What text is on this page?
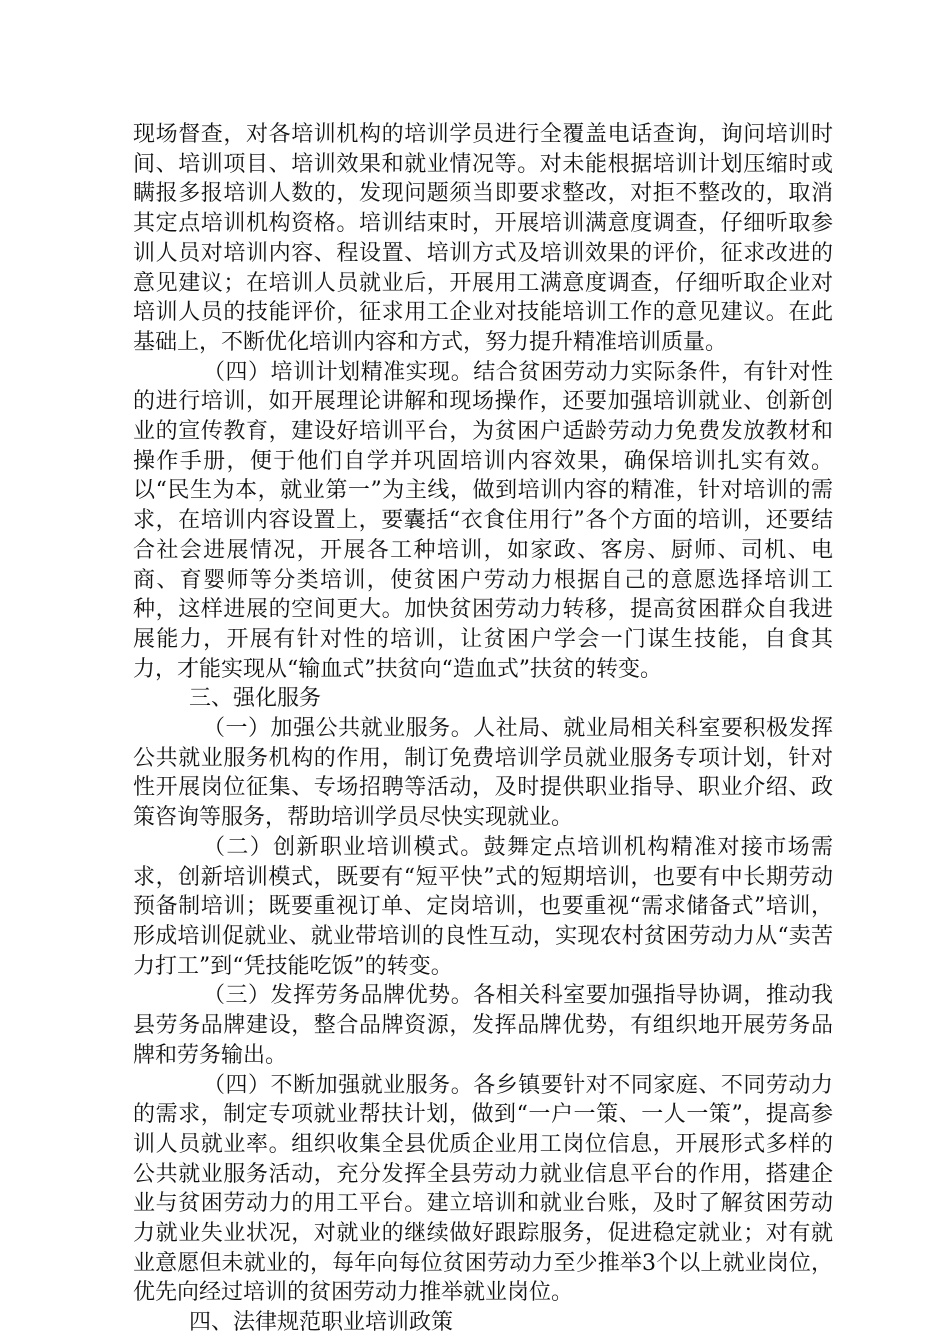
现场督查，对各培训机构的培训学员进行全覆盖电话查询，询问培训时间、培训项目、培训效果和就业情况等。对未能根据培训计划压缩时或瞒报多报培训人数的，发现问题须当即要求整改，对拒不整改的，取消其定点培训机构资格。培训结束时，开展培训满意度调查，仔细听取参训人员对培训内容、程设置、培训方式及培训效果的评价，征求改进的意见建议；在培训人员就业后，开展用工满意度调查，仔细听取企业对培训人员的技能评价，征求用工企业对技能培训工作的意见建议。在此基础上，不断优化培训内容和方式，努力提升精准培训质量。

（四）培训计划精准实现。结合贫困劳动力实际条件，有针对性的进行培训，如开展理论讲解和现场操作，还要加强培训就业、创新创业的宣传教育，建设好培训平台，为贫困户适龄劳动力免费发放教材和操作手册，便于他们自学并巩固培训内容效果，确保培训扎实有效。以“民生为本，就业第一”为主线，做到培训内容的精准，针对培训的需求，在培训内容设置上，要囊括“衣食住用行”各个方面的培训，还要结合社会进展情况，开展各工种培训，如家政、客房、厨师、司机、电商、育婴师等分类培训，使贫困户劳动力根据自己的意愿选择培训工种，这样进展的空间更大。加快贫困劳动力转移，提高贫困群众自我进展能力，开展有针对性的培训，让贫困户学会一门谋生技能，自食其力，才能实现从“输血式”扶贫向“造血式”扶贫的转变。

三、强化服务

（一）加强公共就业服务。人社局、就业局相关科室要积极发挥公共就业服务机构的作用，制订免费培训学员就业服务专项计划，针对性开展岗位征集、专场招聘等活动，及时提供职业指导、职业介绍、政策咨询等服务，帮助培训学员尽快实现就业。

（二）创新职业培训模式。鼓舞定点培训机构精准对接市场需求，创新培训模式，既要有“短平快”式的短期培训，也要有中长期劳动预备制培训；既要重视订单、定岗培训，也要重视“需求储备式”培训，形成培训促就业、就业带培训的良性互动，实现农村贫困劳动力从“卖苦力打工”到“凭技能吃饭”的转变。

（三）发挥劳务品牌优势。各相关科室要加强指导协调，推动我县劳务品牌建设，整合品牌资源，发挥品牌优势，有组织地开展劳务品牌和劳务输出。

（四）不断加强就业服务。各乡镇要针对不同家庭、不同劳动力的需求，制定专项就业帮扶计划，做到“一户一策、一人一策”，提高参训人员就业率。组织收集全县优质企业用工岗位信息，开展形式多样的公共就业服务活动，充分发挥全县劳动力就业信息平台的作用，搭建企业与贫困劳动力的用工平台。建立培训和就业台账，及时了解贫困劳动力就业失业状况，对就业的继续做好跟踪服务，促进稳定就业；对有就业意愿但未就业的，每年向每位贫困劳动力至少推举3个以上就业岗位，优先向经过培训的贫困劳动力推举就业岗位。

四、法律规范职业培训政策
